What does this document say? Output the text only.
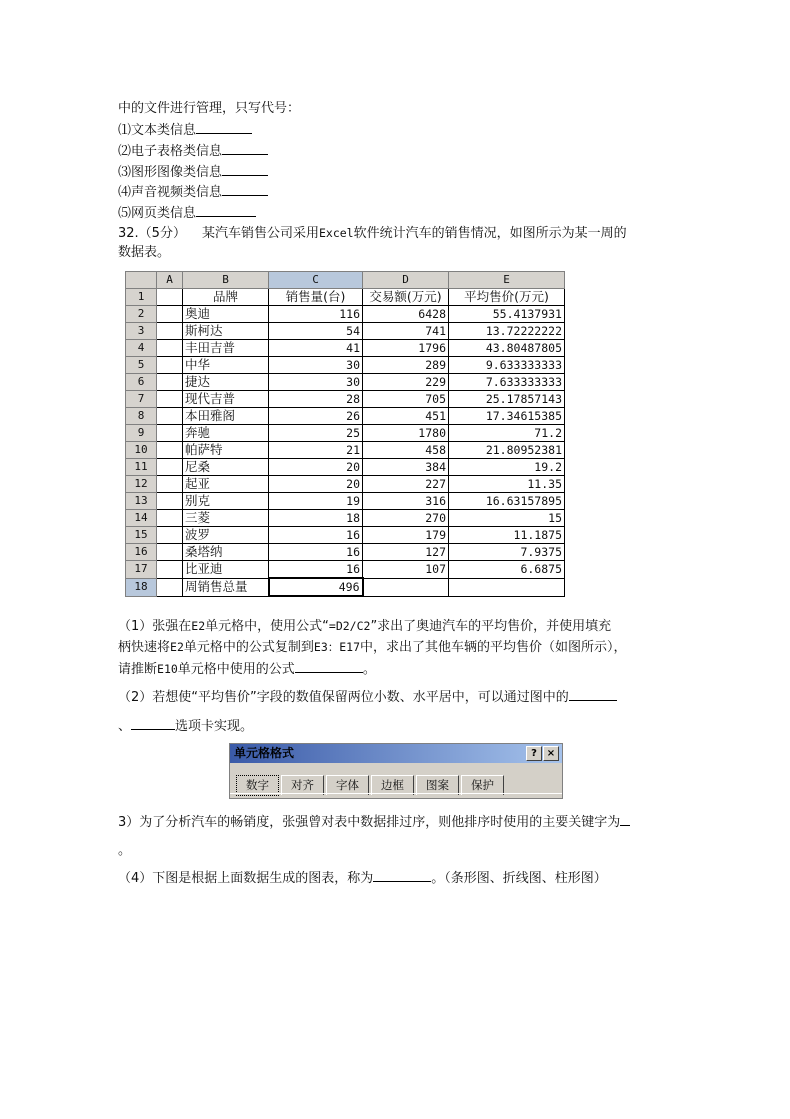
中的文件进行管理，只写代号：
⑴文本类信息
⑵电子表格类信息
⑶图形图像类信息
⑷声音视频类信息
⑸网页类信息
32.（5分） 某汽车销售公司采用Excel软件统计汽车的销售情况，如图所示为某一周的
数据表。
	A	B	C	D	E
1		品牌	销售量(台)	交易额(万元)	平均售价(万元)
2		奥迪	116	6428	55.4137931
3		斯柯达	54	741	13.72222222
4		丰田吉普	41	1796	43.80487805
5		中华	30	289	9.633333333
6		捷达	30	229	7.633333333
7		现代吉普	28	705	25.17857143
8		本田雅阁	26	451	17.34615385
9		奔驰	25	1780	71.2
10		帕萨特	21	458	21.80952381
11		尼桑	20	384	19.2
12		起亚	20	227	11.35
13		别克	19	316	16.63157895
14		三菱	18	270	15
15		波罗	16	179	11.1875
16		桑塔纳	16	127	7.9375
17		比亚迪	16	107	6.6875
18		周销售总量	496		
（1）张强在E2单元格中，使用公式“=D2/C2”求出了奥迪汽车的平均售价，并使用填充
柄快速将E2单元格中的公式复制到E3：E17中，求出了其他车辆的平均售价（如图所示），
请推断E10单元格中使用的公式	。
（2）若想使“平均售价”字段的数值保留两位小数、水平居中，可以通过图中的
、	选项卡实现。
单元格格式	? ×
数字 对齐 字体 边框 图案 保护
3）为了分析汽车的畅销度，张强曾对表中数据排过序，则他排序时使用的主要关键字为
。
（4）下图是根据上面数据生成的图表，称为	。（条形图、折线图、柱形图）
